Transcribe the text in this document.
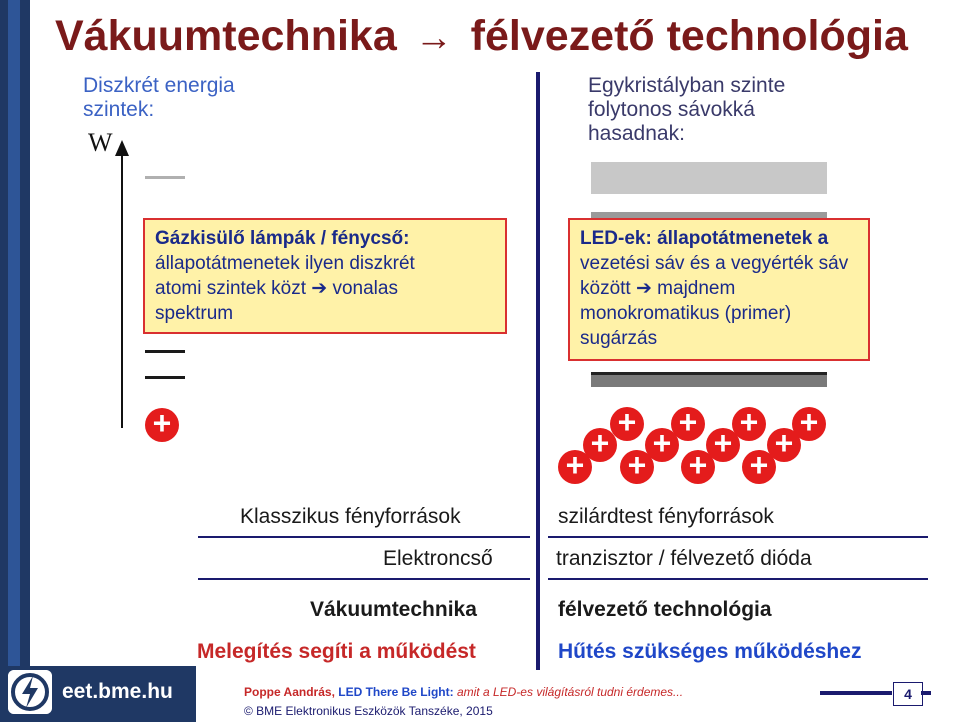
Vákuumtechnika → félvezető technológia
Diszkrét energia
szintek:
Egykristályban szinte
folytonos sávokká
hasadnak:
W
Gázkisülő lámpák / fénycső:
állapotátmenetek ilyen diszkrét
atomi szintek közt ➔ vonalas
spektrum
+
LED-ek: állapotátmenetek a
vezetési sáv és a vegyérték sáv
között ➔ majdnem
monokromatikus (primer)
sugárzás
+
+
+
+
+
+
+
+
+
+
+
+
Klasszikus fényforrások	szilárdtest fényforrások
Elektroncső	tranzisztor / félvezető dióda
Vákuumtechnika	félvezető technológia
Melegítés segíti a működést	Hűtés szükséges működéshez
eet.bme.hu	Poppe Aandrás, LED There Be Light: amit a LED-es világításról tudni érdemes...
© BME Elektronikus Eszközök Tanszéke, 2015
4
